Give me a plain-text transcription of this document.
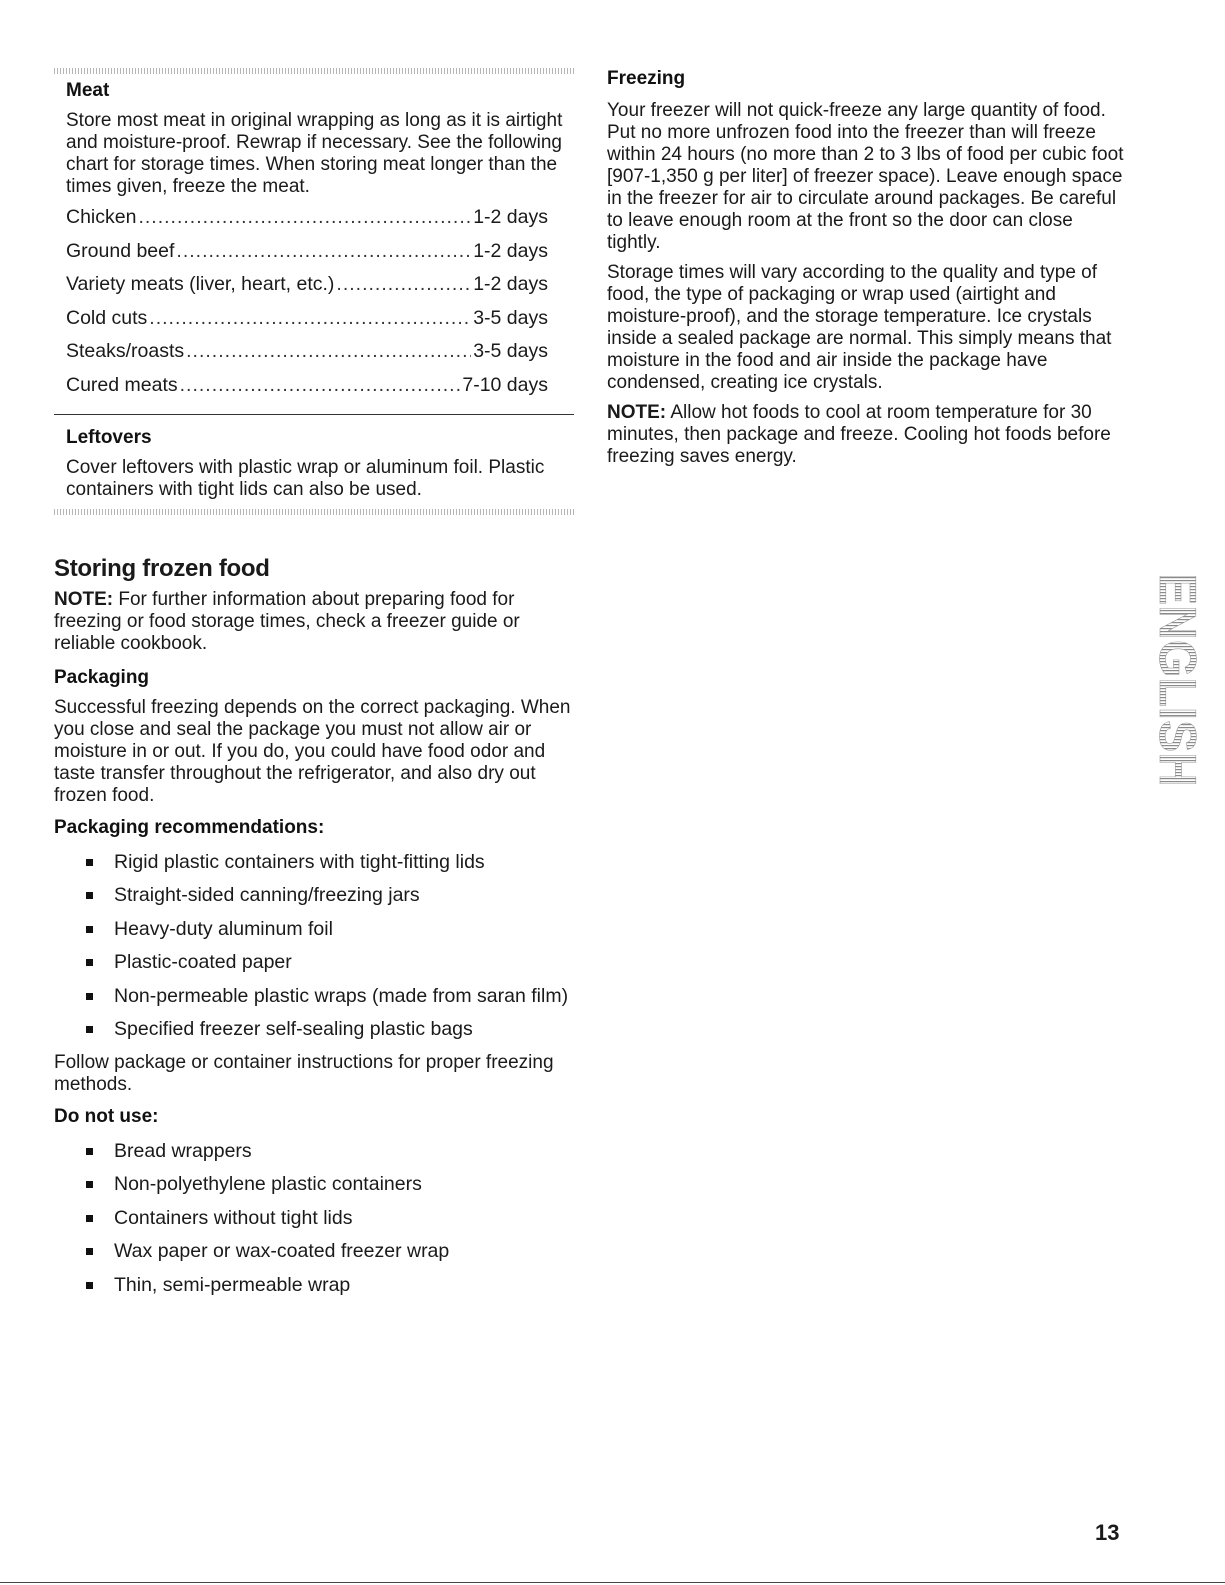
Meat

Store most meat in original wrapping as long as it is airtight and moisture-proof. Rewrap if necessary. See the following chart for storage times. When storing meat longer than the times given, freeze the meat.

Chicken .....	1-2 days
Ground beef .....	1-2 days
Variety meats (liver, heart, etc.) .....	1-2 days
Cold cuts .....	3-5 days
Steaks/roasts .....	3-5 days
Cured meats .....	7-10 days
Leftovers

Cover leftovers with plastic wrap or aluminum foil. Plastic containers with tight lids can also be used.

Storing frozen food

NOTE: For further information about preparing food for freezing or food storage times, check a freezer guide or reliable cookbook.

Packaging

Successful freezing depends on the correct packaging. When you close and seal the package you must not allow air or moisture in or out. If you do, you could have food odor and taste transfer throughout the refrigerator, and also dry out frozen food.

Packaging recommendations:
Rigid plastic containers with tight-fitting lids
Straight-sided canning/freezing jars
Heavy-duty aluminum foil
Plastic-coated paper
Non-permeable plastic wraps (made from saran film)
Specified freezer self-sealing plastic bags

Follow package or container instructions for proper freezing methods.

Do not use:
Bread wrappers
Non-polyethylene plastic containers
Containers without tight lids
Wax paper or wax-coated freezer wrap
Thin, semi-permeable wrap
Freezing

Your freezer will not quick-freeze any large quantity of food. Put no more unfrozen food into the freezer than will freeze within 24 hours (no more than 2 to 3 lbs of food per cubic foot [907-1,350 g per liter] of freezer space). Leave enough space in the freezer for air to circulate around packages. Be careful to leave enough room at the front so the door can close tightly.

Storage times will vary according to the quality and type of food, the type of packaging or wrap used (airtight and moisture-proof), and the storage temperature. Ice crystals inside a sealed package are normal. This simply means that moisture in the food and air inside the package have condensed, creating ice crystals.

NOTE: Allow hot foods to cool at room temperature for 30 minutes, then package and freeze. Cooling hot foods before freezing saves energy.

ENGLISH
13
